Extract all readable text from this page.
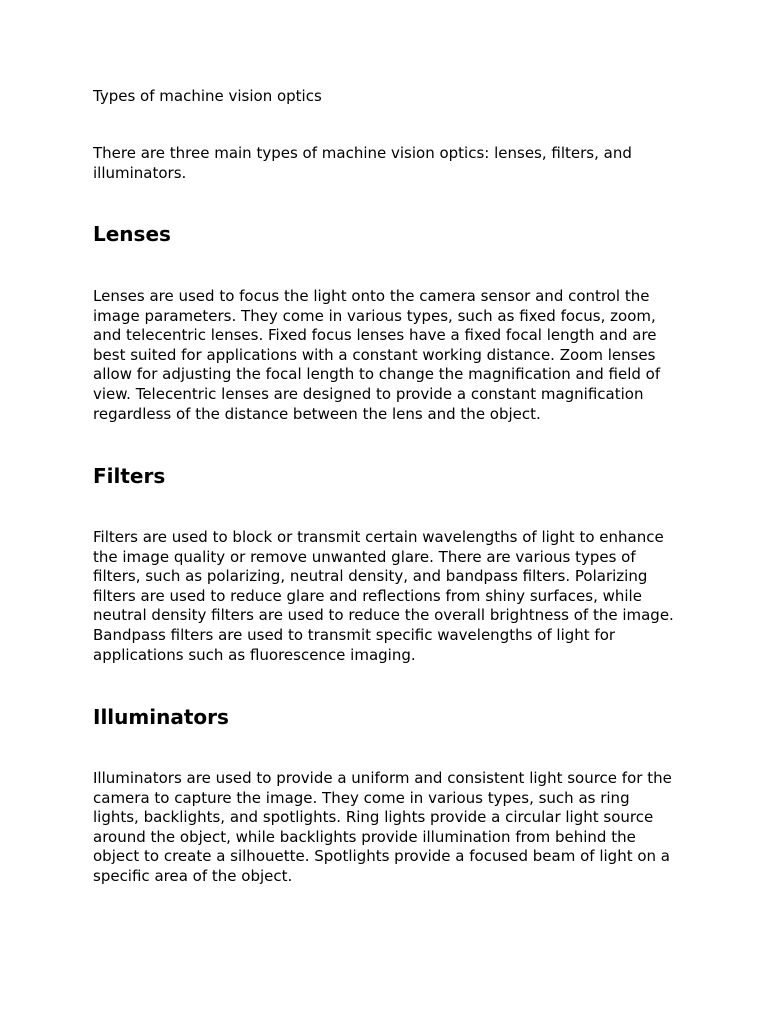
Types of machine vision optics

There are three main types of machine vision optics: lenses, filters, and illuminators.

Lenses

Lenses are used to focus the light onto the camera sensor and control the image parameters. They come in various types, such as fixed focus, zoom, and telecentric lenses. Fixed focus lenses have a fixed focal length and are best suited for applications with a constant working distance. Zoom lenses allow for adjusting the focal length to change the magnification and field of view. Telecentric lenses are designed to provide a constant magnification regardless of the distance between the lens and the object.

Filters

Filters are used to block or transmit certain wavelengths of light to enhance the image quality or remove unwanted glare. There are various types of filters, such as polarizing, neutral density, and bandpass filters. Polarizing filters are used to reduce glare and reflections from shiny surfaces, while neutral density filters are used to reduce the overall brightness of the image. Bandpass filters are used to transmit specific wavelengths of light for applications such as fluorescence imaging.

Illuminators

Illuminators are used to provide a uniform and consistent light source for the camera to capture the image. They come in various types, such as ring lights, backlights, and spotlights. Ring lights provide a circular light source around the object, while backlights provide illumination from behind the object to create a silhouette. Spotlights provide a focused beam of light on a specific area of the object.
